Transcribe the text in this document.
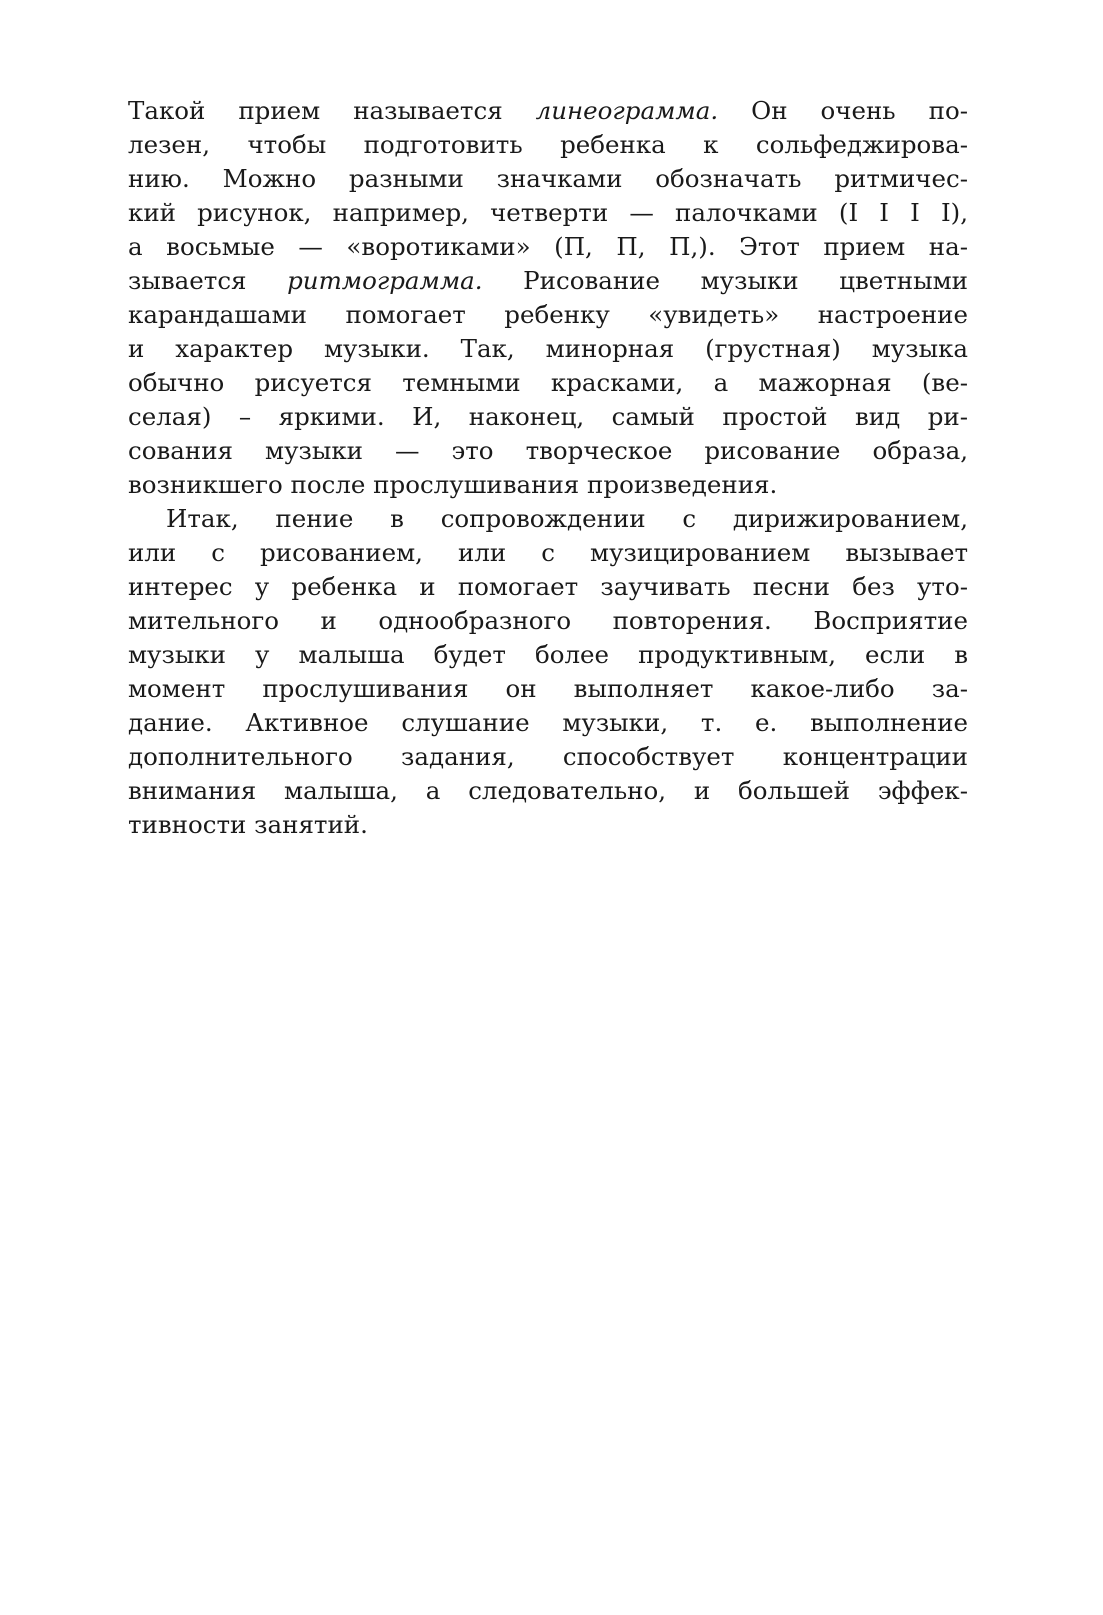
Такой прием называется линеограмма. Он очень по-
лезен, чтобы подготовить ребенка к сольфеджирова-
нию. Можно разными значками обозначать ритмичес-
кий рисунок, например, четверти — палочками (I I I I),
а восьмые — «воротиками» (П, П, П,). Этот прием на-
зывается ритмограмма. Рисование музыки цветными
карандашами помогает ребенку «увидеть» настроение
и характер музыки. Так, минорная (грустная) музыка
обычно рисуется темными красками, а мажорная (ве-
селая) – яркими. И, наконец, самый простой вид ри-
сования музыки — это творческое рисование образа,
возникшего после прослушивания произведения.
Итак, пение в сопровождении с дирижированием,
или с рисованием, или с музицированием вызывает
интерес у ребенка и помогает заучивать песни без уто-
мительного и однообразного повторения. Восприятие
музыки у малыша будет более продуктивным, если в
момент прослушивания он выполняет какое-либо за-
дание. Активное слушание музыки, т. е. выполнение
дополнительного задания, способствует концентрации
внимания малыша, а следовательно, и большей эффек-
тивности занятий.
